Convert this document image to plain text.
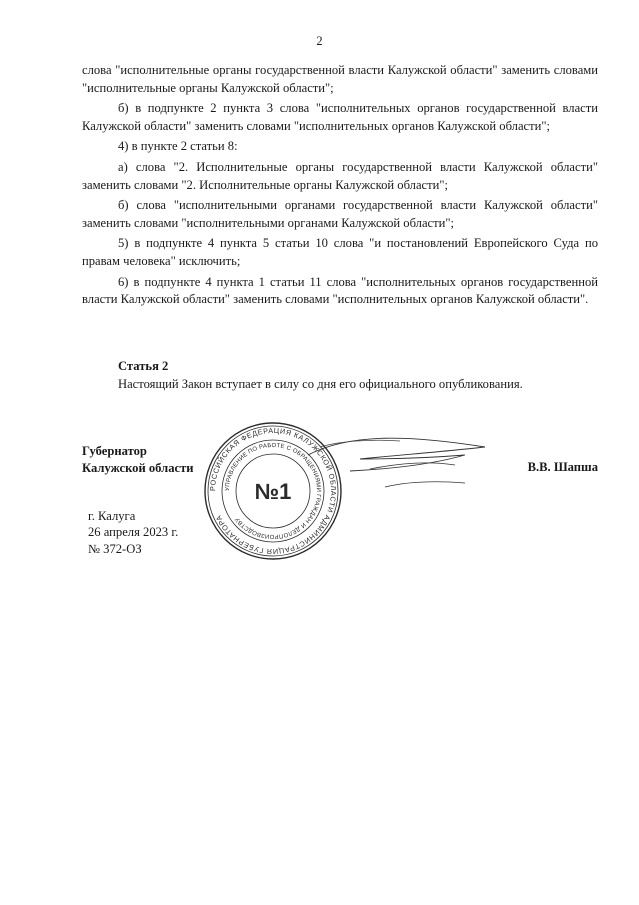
2

слова "исполнительные органы государственной власти Калужской области" заменить словами "исполнительные органы Калужской области";

б) в подпункте 2 пункта 3 слова "исполнительных органов государственной власти Калужской области" заменить словами "исполнительных органов Калужской области";

4) в пункте 2 статьи 8:

а) слова "2. Исполнительные органы государственной власти Калужской области" заменить словами "2. Исполнительные органы Калужской области";

б) слова "исполнительными органами государственной власти Калужской области" заменить словами "исполнительными органами Калужской области";

5) в подпункте 4 пункта 5 статьи 10 слова "и постановлений Европейского Суда по правам человека" исключить;

6) в подпункте 4 пункта 1 статьи 11 слова "исполнительных органов государственной власти Калужской области" заменить словами "исполнительных органов Калужской области".

Статья 2

Настоящий Закон вступает в силу со дня его официального опубликования.

Губернатор
Калужской области	В.В. Шапша
РОССИЙСКАЯ ФЕДЕРАЦИЯ КАЛУЖСКОЙ ОБЛАСТИ АДМИНИСТРАЦИЯ ГУБЕРНАТОРА
УПРАВЛЕНИЕ ПО РАБОТЕ С ОБРАЩЕНИЯМИ ГРАЖДАН И ДЕЛОПРОИЗВОДСТВУ
№1
г. Калуга
26 апреля 2023 г.
№ 372-ОЗ
